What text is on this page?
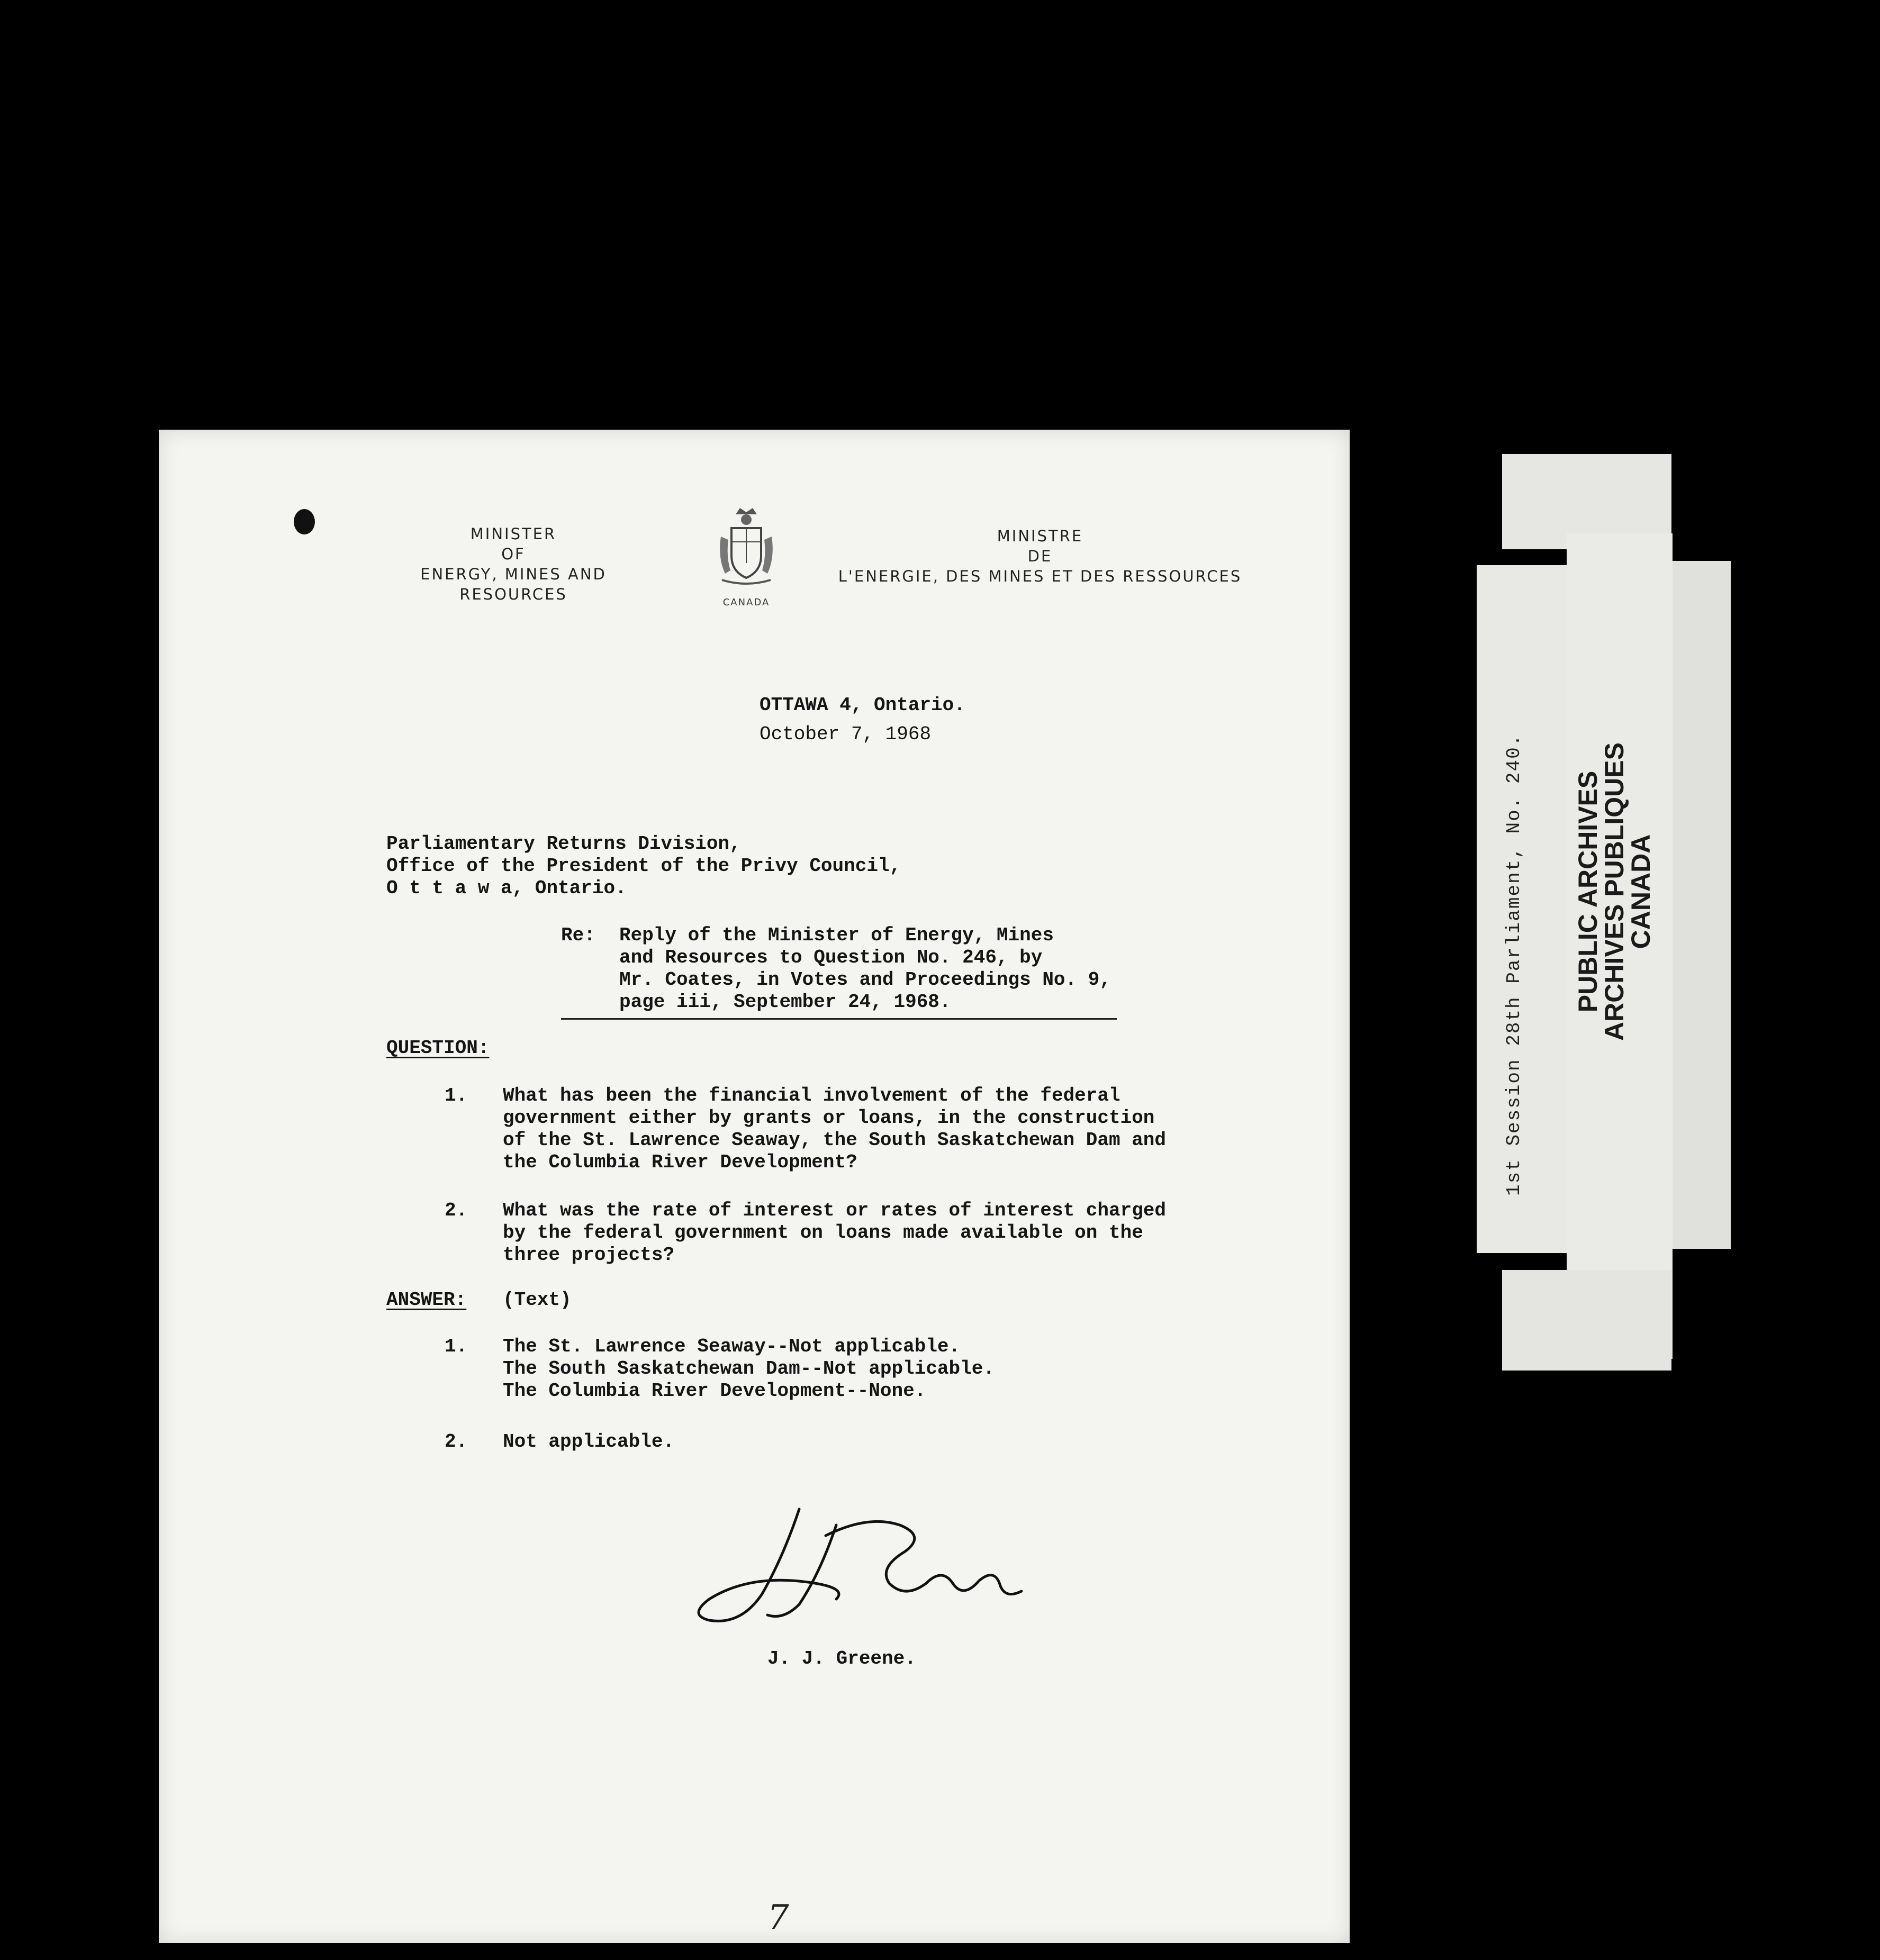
MINISTER
OF
ENERGY, MINES AND RESOURCES	CANADA
MINISTRE
DE
L'ENERGIE, DES MINES ET DES RESSOURCES
OTTAWA 4, Ontario.
October 7, 1968
Parliamentary Returns Division,
Office of the President of the Privy Council,
O t t a w a, Ontario.
Re: Reply of the Minister of Energy, Mines
and Resources to Question No. 246, by
Mr. Coates, in Votes and Proceedings No. 9,
page iii, September 24, 1968.
QUESTION:
1. What has been the financial involvement of the federal
government either by grants or loans, in the construction
of the St. Lawrence Seaway, the South Saskatchewan Dam and
the Columbia River Development?
2. What was the rate of interest or rates of interest charged
by the federal government on loans made available on the
three projects?
ANSWER: (Text)
1. The St. Lawrence Seaway--Not applicable.
The South Saskatchewan Dam--Not applicable.
The Columbia River Development--None.
2. Not applicable.
J. J. Greene.
7
1st Session 28th Parliament, No. 240. PUBLIC ARCHIVES
ARCHIVES PUBLIQUES
CANADA
